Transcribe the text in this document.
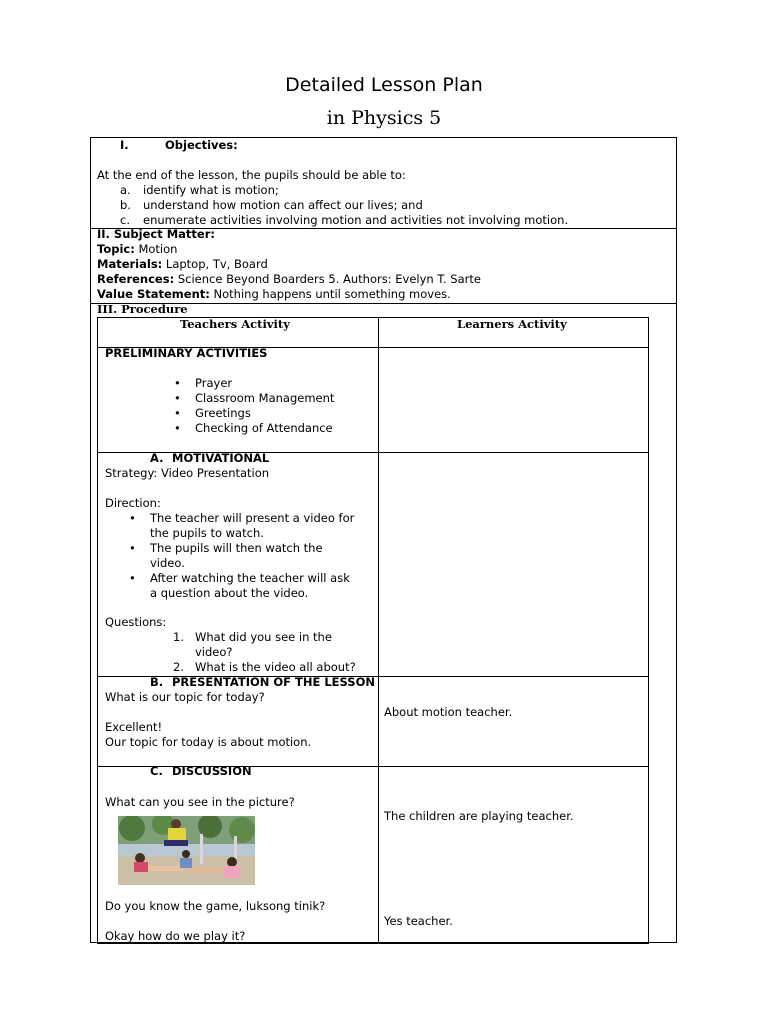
Detailed Lesson Plan
in Physics 5
I.	Objectives:
At the end of the lesson, the pupils should be able to:
a. identify what is motion;
b. understand how motion can affect our lives; and
c. enumerate activities involving motion and activities not involving motion.
II. Subject Matter:
Topic: Motion
Materials: Laptop, Tv, Board
References: Science Beyond Boarders 5. Authors: Evelyn T. Sarte
Value Statement: Nothing happens until something moves.
III. Procedure
Teachers Activity	Learners Activity
PRELIMINARY ACTIVITIES
• Prayer
• Classroom Management
• Greetings
• Checking of Attendance
A. MOTIVATIONAL
Strategy: Video Presentation
Direction:
• The teacher will present a video for
the pupils to watch.
• The pupils will then watch the
video.
• After watching the teacher will ask
a question about the video.
Questions:
1. What did you see in the
video?
2. What is the video all about?
B. PRESENTATION OF THE LESSON
What is our topic for today?
Excellent!
Our topic for today is about motion.
About motion teacher.
C. DISCUSSION
What can you see in the picture?
The children are playing teacher.
Do you know the game, luksong tinik?
Yes teacher.
Okay how do we play it?
